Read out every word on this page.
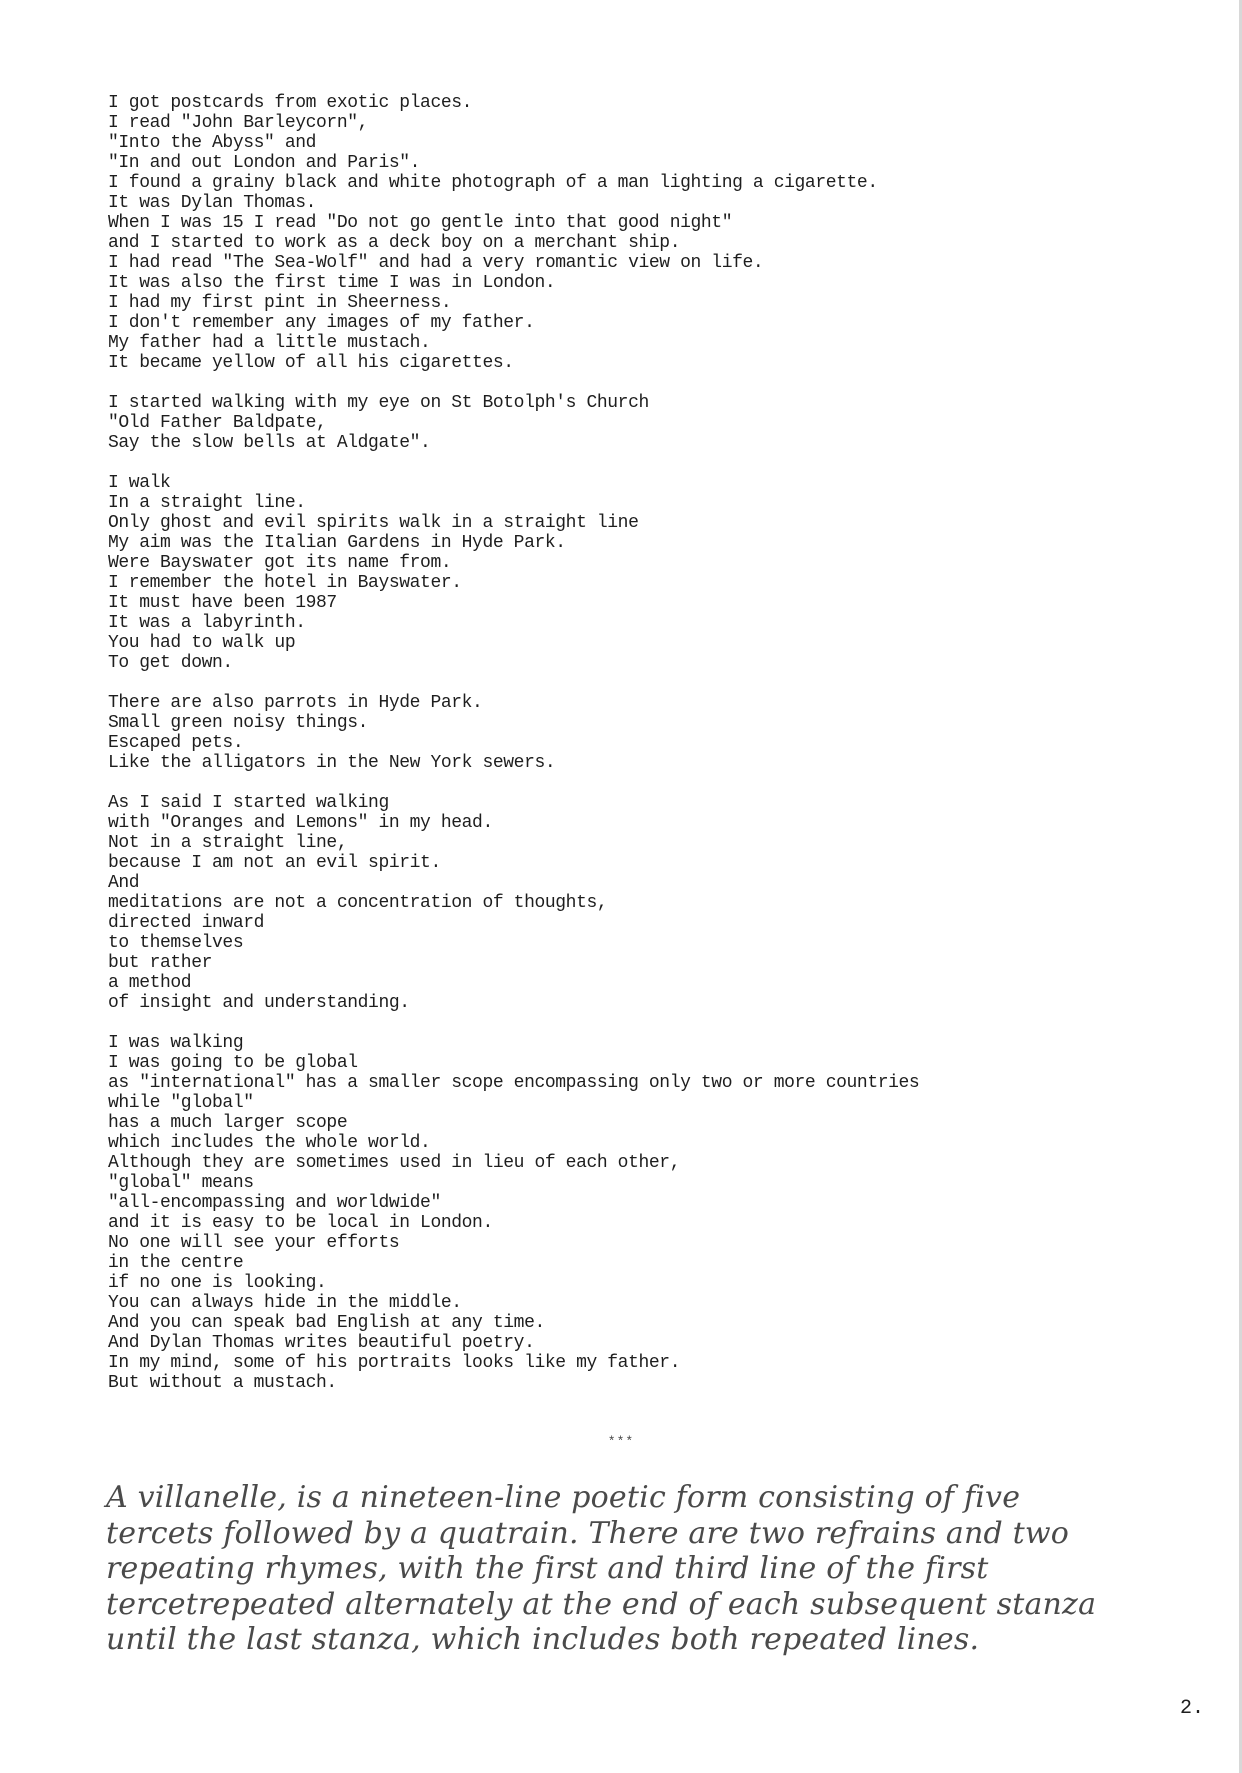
I got postcards from exotic places.
I read "John Barleycorn",
"Into the Abyss" and
"In and out London and Paris".
I found a grainy black and white photograph of a man lighting a cigarette.
It was Dylan Thomas.
When I was 15 I read "Do not go gentle into that good night"
and I started to work as a deck boy on a merchant ship.
I had read "The Sea-Wolf" and had a very romantic view on life.
It was also the first time I was in London.
I had my first pint in Sheerness.
I don't remember any images of my father.
My father had a little mustach.
It became yellow of all his cigarettes.
I started walking with my eye on St Botolph's Church
"Old Father Baldpate,
Say the slow bells at Aldgate".
I walk
In a straight line.
Only ghost and evil spirits walk in a straight line
My aim was the Italian Gardens in Hyde Park.
Were Bayswater got its name from.
I remember the hotel in Bayswater.
It must have been 1987
It was a labyrinth.
You had to walk up
To get down.
There are also parrots in Hyde Park.
Small green noisy things.
Escaped pets.
Like the alligators in the New York sewers.
As I said I started walking
with "Oranges and Lemons" in my head.
Not in a straight line,
because I am not an evil spirit.
And
meditations are not a concentration of thoughts,
directed inward
to themselves
but rather
a method
of insight and understanding.
I was walking
I was going to be global
as "international" has a smaller scope encompassing only two or more countries
while "global"
has a much larger scope
which includes the whole world.
Although they are sometimes used in lieu of each other,
"global" means
"all-encompassing and worldwide"
and it is easy to be local in London.
No one will see your efforts
in the centre
if no one is looking.
You can always hide in the middle.
And you can speak bad English at any time.
And Dylan Thomas writes beautiful poetry.
In my mind, some of his portraits looks like my father.
But without a mustach.
***
A villanelle, is a nineteen-line poetic form consisting of five
tercets followed by a quatrain. There are two refrains and two
repeating rhymes, with the first and third line of the first
tercetrepeated alternately at the end of each subsequent stanza
until the last stanza, which includes both repeated lines.
2.
